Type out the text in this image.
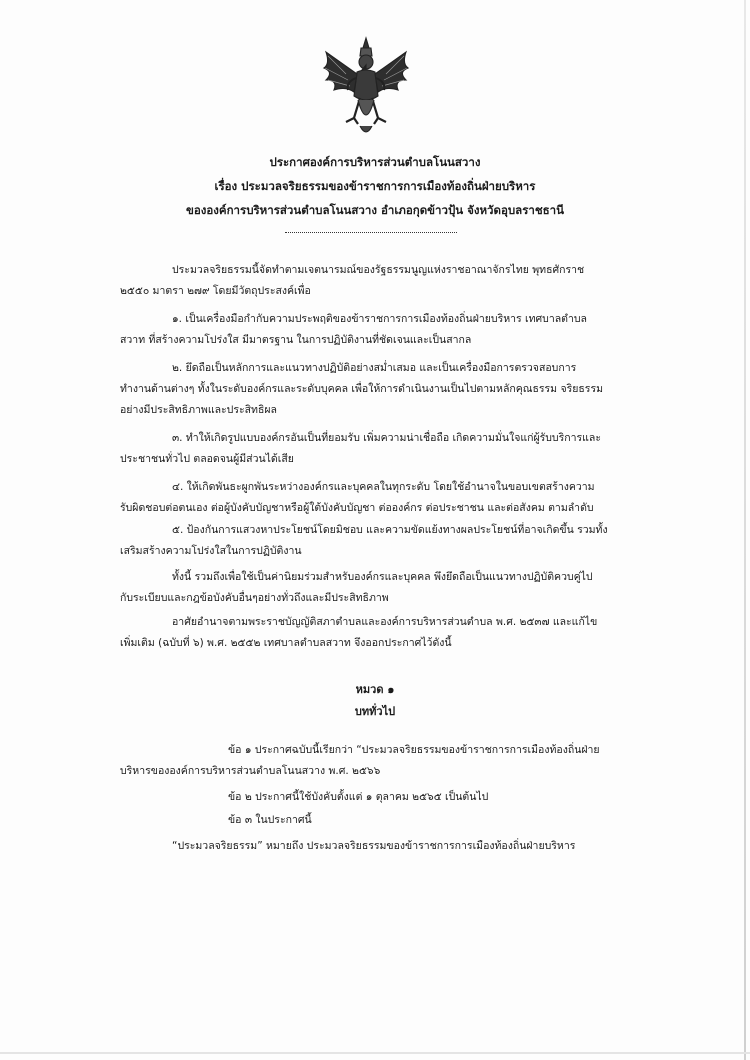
ประกาศองค์การบริหารส่วนตำบลโนนสวาง
เรื่อง ประมวลจริยธรรมของข้าราชการการเมืองท้องถิ่นฝ่ายบริหาร
ขององค์การบริหารส่วนตำบลโนนสวาง อำเภอกุดข้าวปุ้น จังหวัดอุบลราชธานี
ประมวลจริยธรรมนี้จัดทำตามเจตนารมณ์ของรัฐธรรมนูญแห่งราชอาณาจักรไทย พุทธศักราช
๒๕๕๐ มาตรา ๒๗๙ โดยมีวัตถุประสงค์เพื่อ
๑. เป็นเครื่องมือกำกับความประพฤติของข้าราชการการเมืองท้องถิ่นฝ่ายบริหาร เทศบาลตำบล
สวาท ที่สร้างความโปร่งใส มีมาตรฐาน ในการปฏิบัติงานที่ชัดเจนและเป็นสากล
๒. ยึดถือเป็นหลักการและแนวทางปฏิบัติอย่างสม่ำเสมอ และเป็นเครื่องมือการตรวจสอบการ
ทำงานด้านต่างๆ ทั้งในระดับองค์กรและระดับบุคคล เพื่อให้การดำเนินงานเป็นไปตามหลักคุณธรรม จริยธรรม
อย่างมีประสิทธิภาพและประสิทธิผล
๓. ทำให้เกิดรูปแบบองค์กรอันเป็นที่ยอมรับ เพิ่มความน่าเชื่อถือ เกิดความมั่นใจแก่ผู้รับบริการและ
ประชาชนทั่วไป ตลอดจนผู้มีส่วนได้เสีย
๔. ให้เกิดพันธะผูกพันระหว่างองค์กรและบุคคลในทุกระดับ โดยใช้อำนาจในขอบเขตสร้างความ
รับผิดชอบต่อตนเอง ต่อผู้บังคับบัญชาหรือผู้ใต้บังคับบัญชา ต่อองค์กร ต่อประชาชน และต่อสังคม ตามลำดับ
๕. ป้องกันการแสวงหาประโยชน์โดยมิชอบ และความขัดแย้งทางผลประโยชน์ที่อาจเกิดขึ้น รวมทั้ง
เสริมสร้างความโปร่งใสในการปฏิบัติงาน
ทั้งนี้ รวมถึงเพื่อใช้เป็นค่านิยมร่วมสำหรับองค์กรและบุคคล พึงยึดถือเป็นแนวทางปฏิบัติควบคู่ไป
กับระเบียบและกฎข้อบังคับอื่นๆอย่างทั่วถึงและมีประสิทธิภาพ
อาศัยอำนาจตามพระราชบัญญัติสภาตำบลและองค์การบริหารส่วนตำบล พ.ศ. ๒๕๓๗ และแก้ไข
เพิ่มเติม (ฉบับที่ ๖) พ.ศ. ๒๕๕๒ เทศบาลตำบลสวาท จึงออกประกาศไว้ดังนี้
หมวด ๑
บททั่วไป
ข้อ ๑ ประกาศฉบับนี้เรียกว่า “ประมวลจริยธรรมของข้าราชการการเมืองท้องถิ่นฝ่าย
บริหารขององค์การบริหารส่วนตำบลโนนสวาง พ.ศ. ๒๕๖๖
ข้อ ๒ ประกาศนี้ใช้บังคับตั้งแต่ ๑ ตุลาคม ๒๕๖๕ เป็นต้นไป
ข้อ ๓ ในประกาศนี้
“ประมวลจริยธรรม” หมายถึง ประมวลจริยธรรมของข้าราชการการเมืองท้องถิ่นฝ่ายบริหาร
